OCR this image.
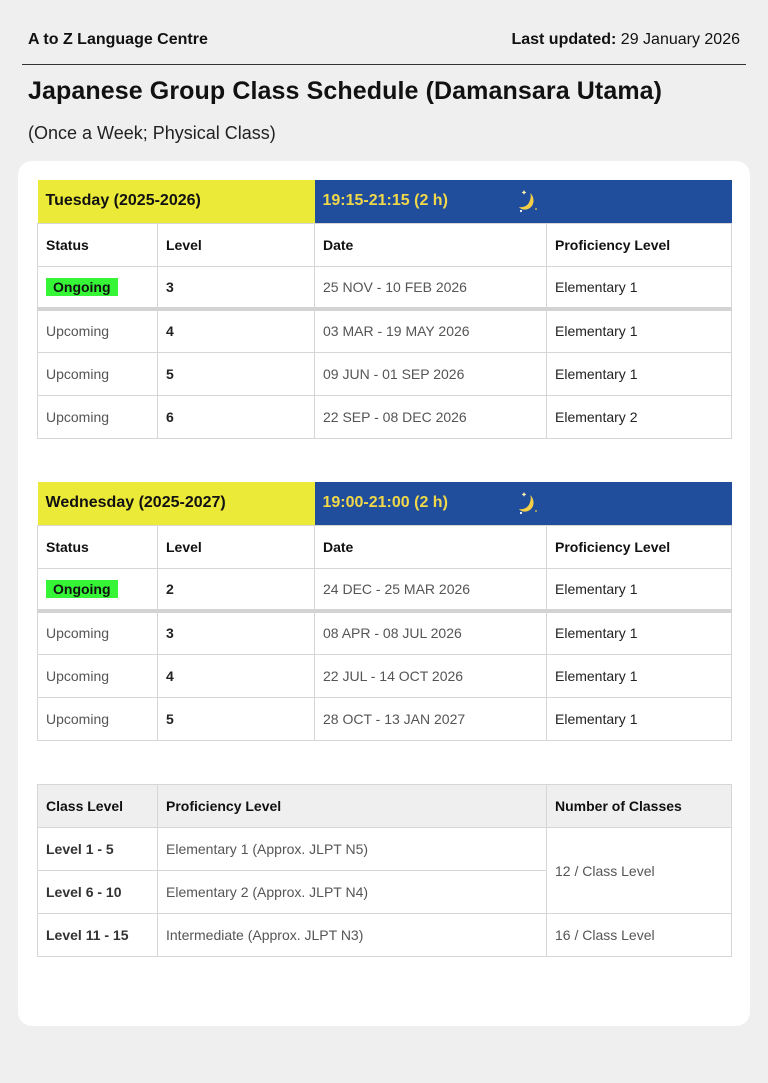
A to Z Language Centre	Last updated: 29 January 2026
Japanese Group Class Schedule (Damansara Utama)
(Once a Week; Physical Class)
Tuesday (2025-2026)		19:15-21:15 (2 h)	

Status	Level	Date	Proficiency Level
Ongoing	3	25 NOV - 10 FEB 2026	Elementary 1
Upcoming	4	03 MAR - 19 MAY 2026	Elementary 1
Upcoming	5	09 JUN - 01 SEP 2026	Elementary 1
Upcoming	6	22 SEP - 08 DEC 2026	Elementary 2
Wednesday (2025-2027)		19:00-21:00 (2 h)	

Status	Level	Date	Proficiency Level
Ongoing	2	24 DEC - 25 MAR 2026	Elementary 1
Upcoming	3	08 APR - 08 JUL 2026	Elementary 1
Upcoming	4	22 JUL - 14 OCT 2026	Elementary 1
Upcoming	5	28 OCT - 13 JAN 2027	Elementary 1
Class Level	Proficiency Level	Number of Classes
Level 1 - 5	Elementary 1 (Approx. JLPT N5)	12 / Class Level
Level 6 - 10	Elementary 2 (Approx. JLPT N4)	
Level 11 - 15	Intermediate (Approx. JLPT N3)	16 / Class Level
